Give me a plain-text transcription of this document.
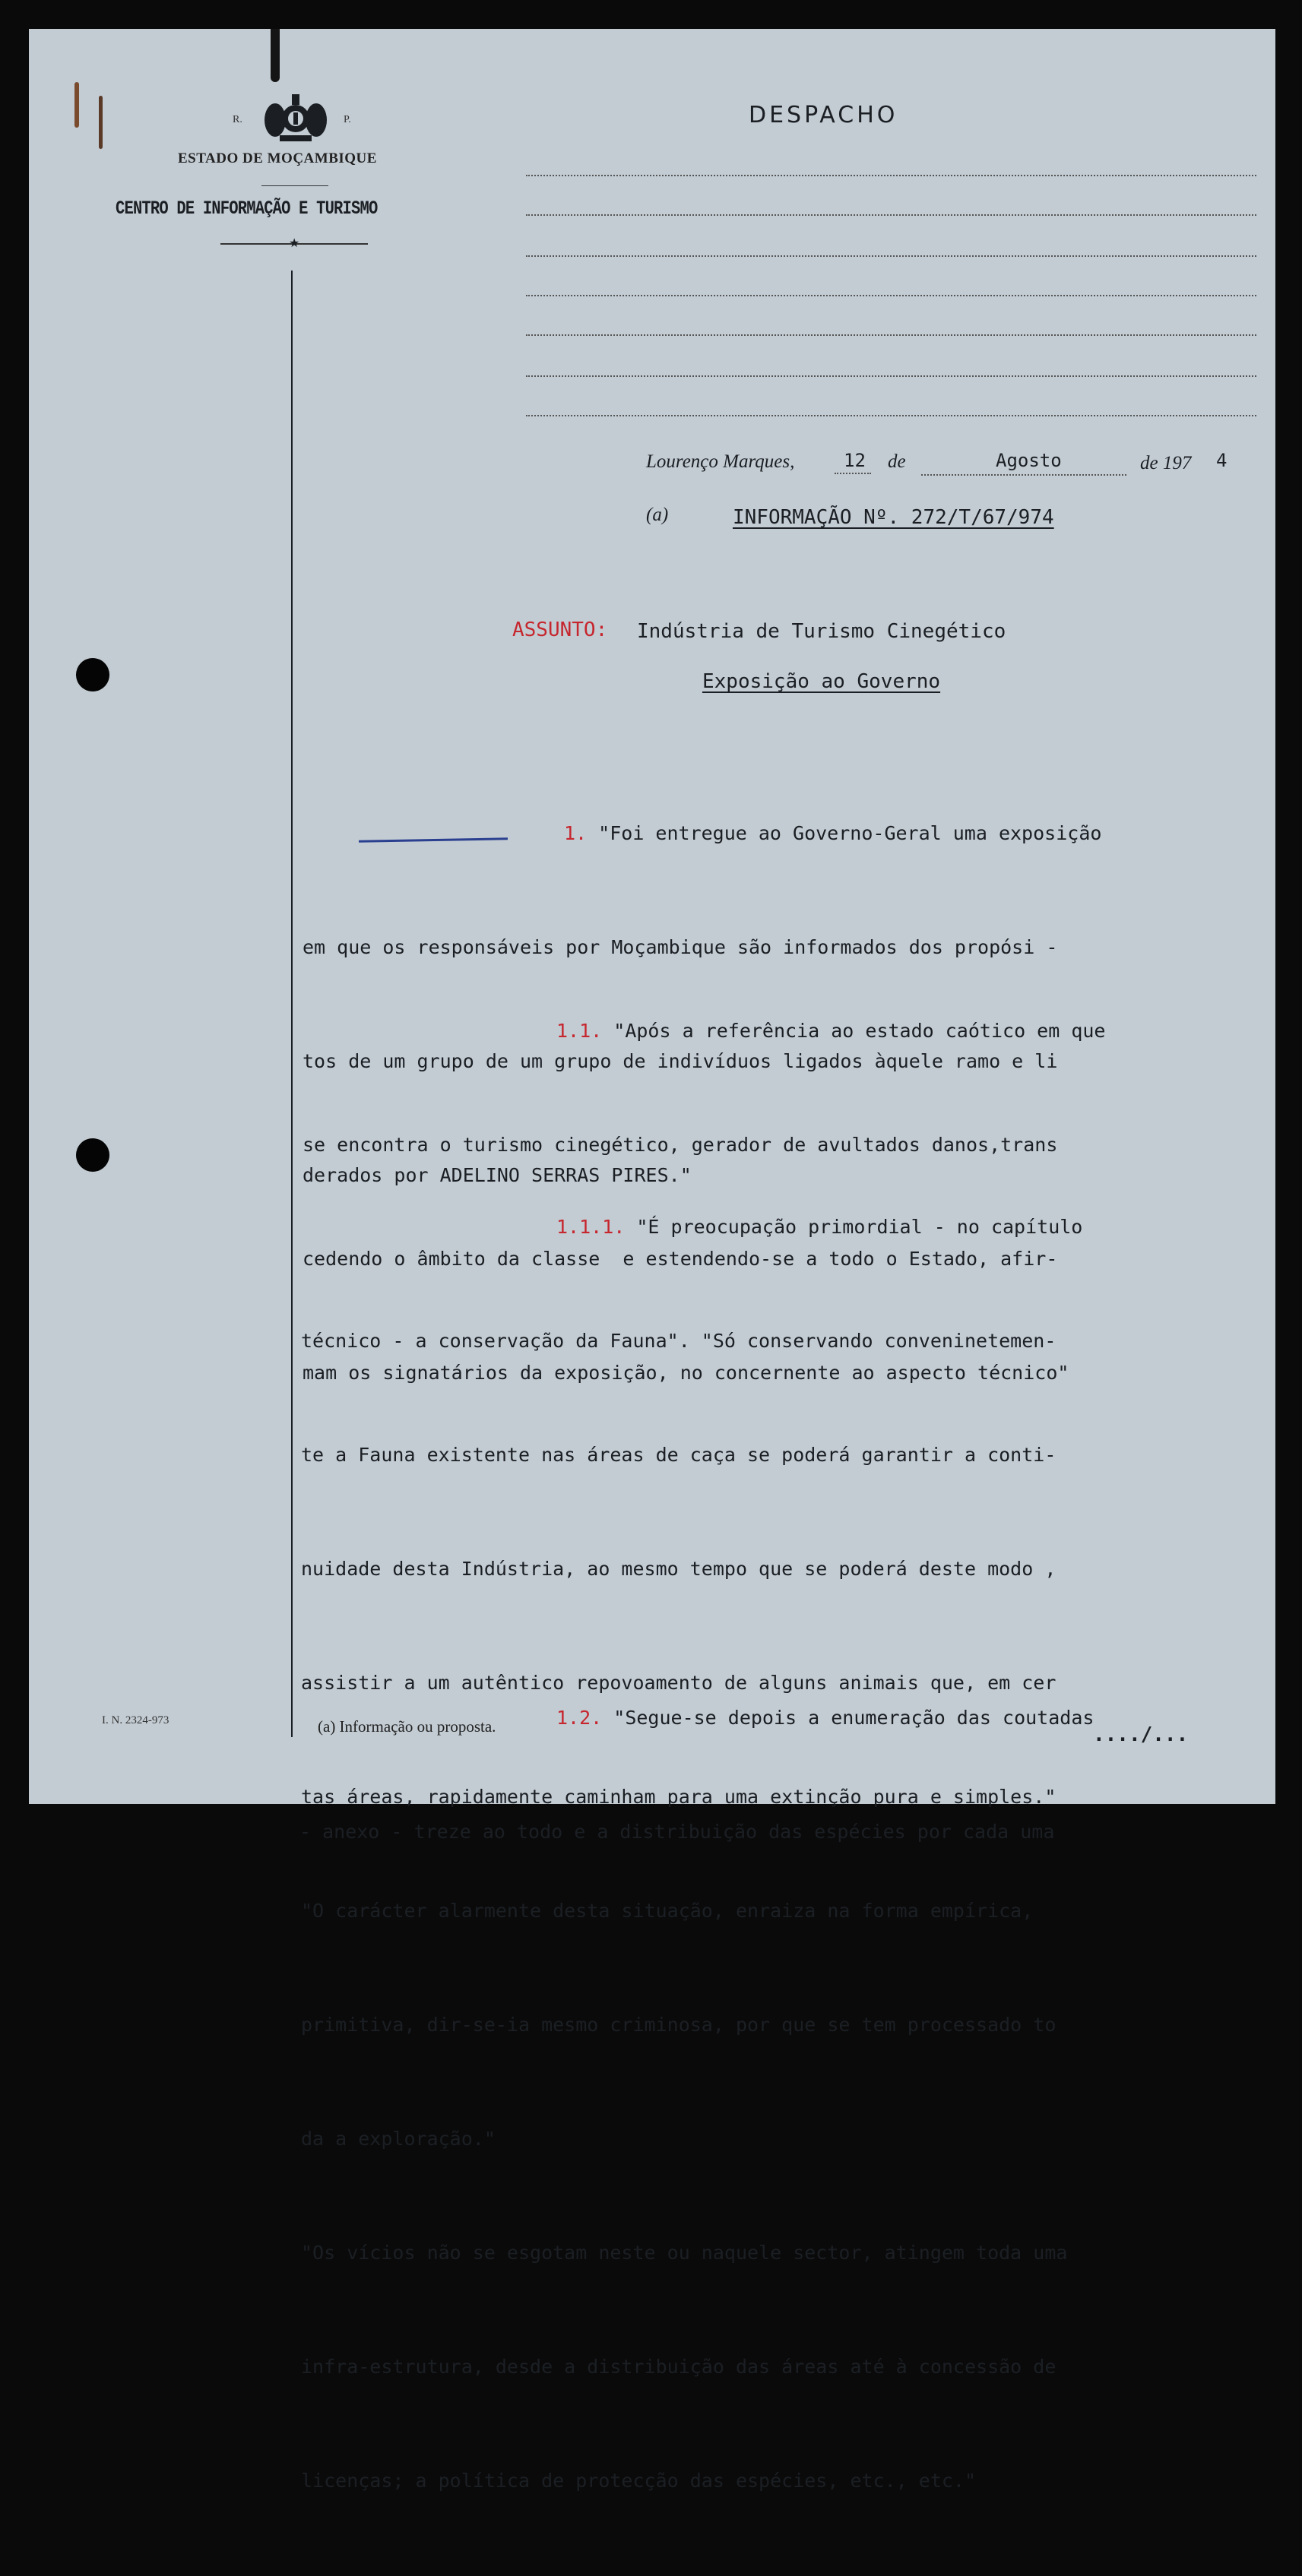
R.	P.
ESTADO DE MOÇAMBIQUE
CENTRO DE INFORMAÇÃO E TURISMO
★
DESPACHO
Lourenço Marques,	12 de	Agosto	de 197 4
(a)	INFORMAÇÃO Nº. 272/T/67/974
ASSUNTO: Indústria de Turismo Cinegético
Exposição ao Governo

1. "Foi entregue ao Governo-Geral uma exposição

em que os responsáveis por Moçambique são informados dos propósi -

tos de um grupo de um grupo de indivíduos ligados àquele ramo e li

derados por ADELINO SERRAS PIRES."

1.1. "Após a referência ao estado caótico em que

se encontra o turismo cinegético, gerador de avultados danos,trans

cedendo o âmbito da classe  e estendendo-se a todo o Estado, afir-

mam os signatários da exposição, no concernente ao aspecto técnico"

1.1.1. "É preocupação primordial - no capítulo

técnico - a conservação da Fauna". "Só conservando conveninetemen-

te a Fauna existente nas áreas de caça se poderá garantir a conti-

nuidade desta Indústria, ao mesmo tempo que se poderá deste modo ,

assistir a um autêntico repovoamento de alguns animais que, em cer

tas áreas, rapidamente caminham para uma extinção pura e simples."

"O carácter alarmente desta situação, enraiza na forma empírica,

primitiva, dir-se-ia mesmo criminosa, por que se tem processado to

da a exploração."

"Os vícios não se esgotam neste ou naquele sector, atingem toda uma

infra-estrutura, desde a distribuição das áreas até à concessão de

licenças; a política de protecção das espécies, etc., etc."

1.2. "Segue-se depois a enumeração das coutadas

- anexo - treze ao todo e a distribuição das espécies por cada uma

I. N. 2324-973	(a) Informação ou proposta.	..../...
